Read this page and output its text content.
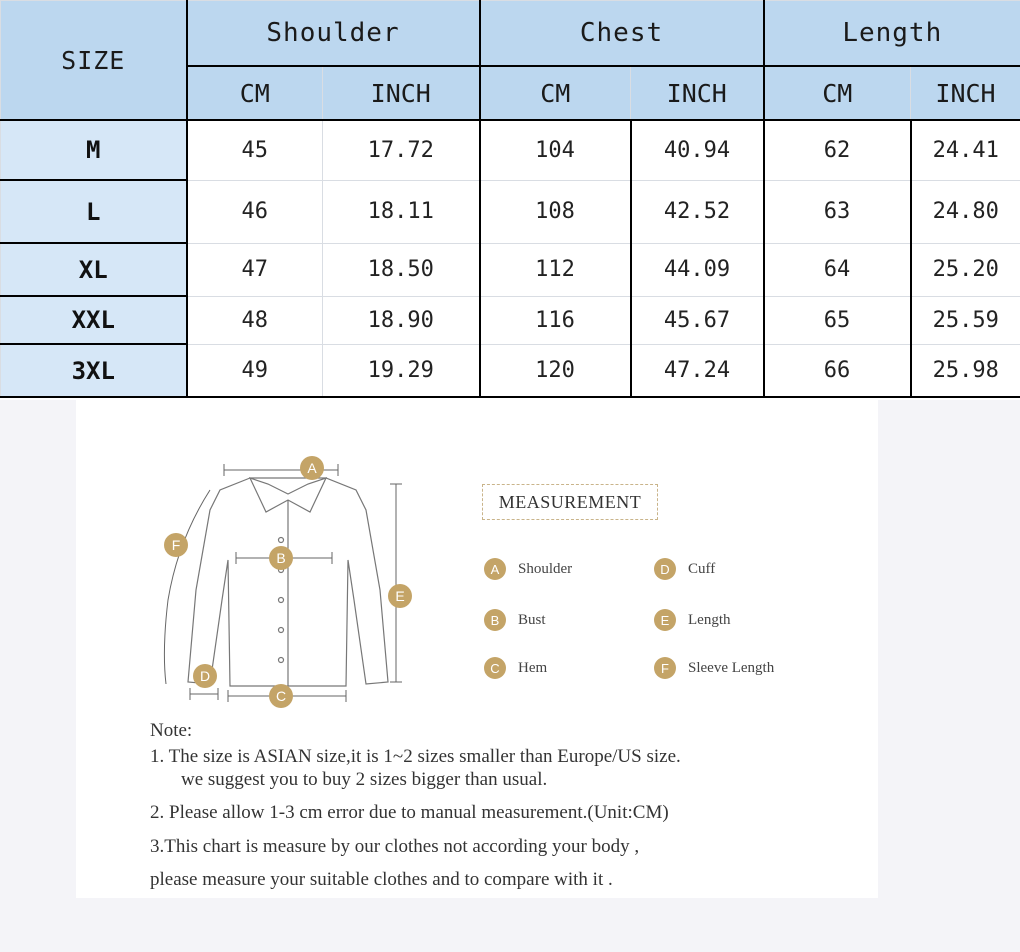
SIZE	Shoulder		Chest		Length	
	CM	INCH	CM	INCH	CM	INCH
M	45	17.72	104	40.94	62	24.41
L	46	18.11	108	42.52	63	24.80
XL	47	18.50	112	44.09	64	25.20
XXL	48	18.90	116	45.67	65	25.59
3XL	49	19.29	120	47.24	66	25.98
A
B
C
D
E
F
MEASUREMENT
A	Shoulder
B	Bust
C	Hem
D	Cuff
E	Length
F	Sleeve Length
Note:
1. The size is ASIAN size,it is 1~2 sizes smaller than Europe/US size.
we suggest you to buy 2 sizes bigger than usual.
2. Please allow 1-3 cm error due to manual measurement.(Unit:CM)
3.This chart is measure by our clothes not according your body ,
please measure your suitable clothes and to compare with it .
